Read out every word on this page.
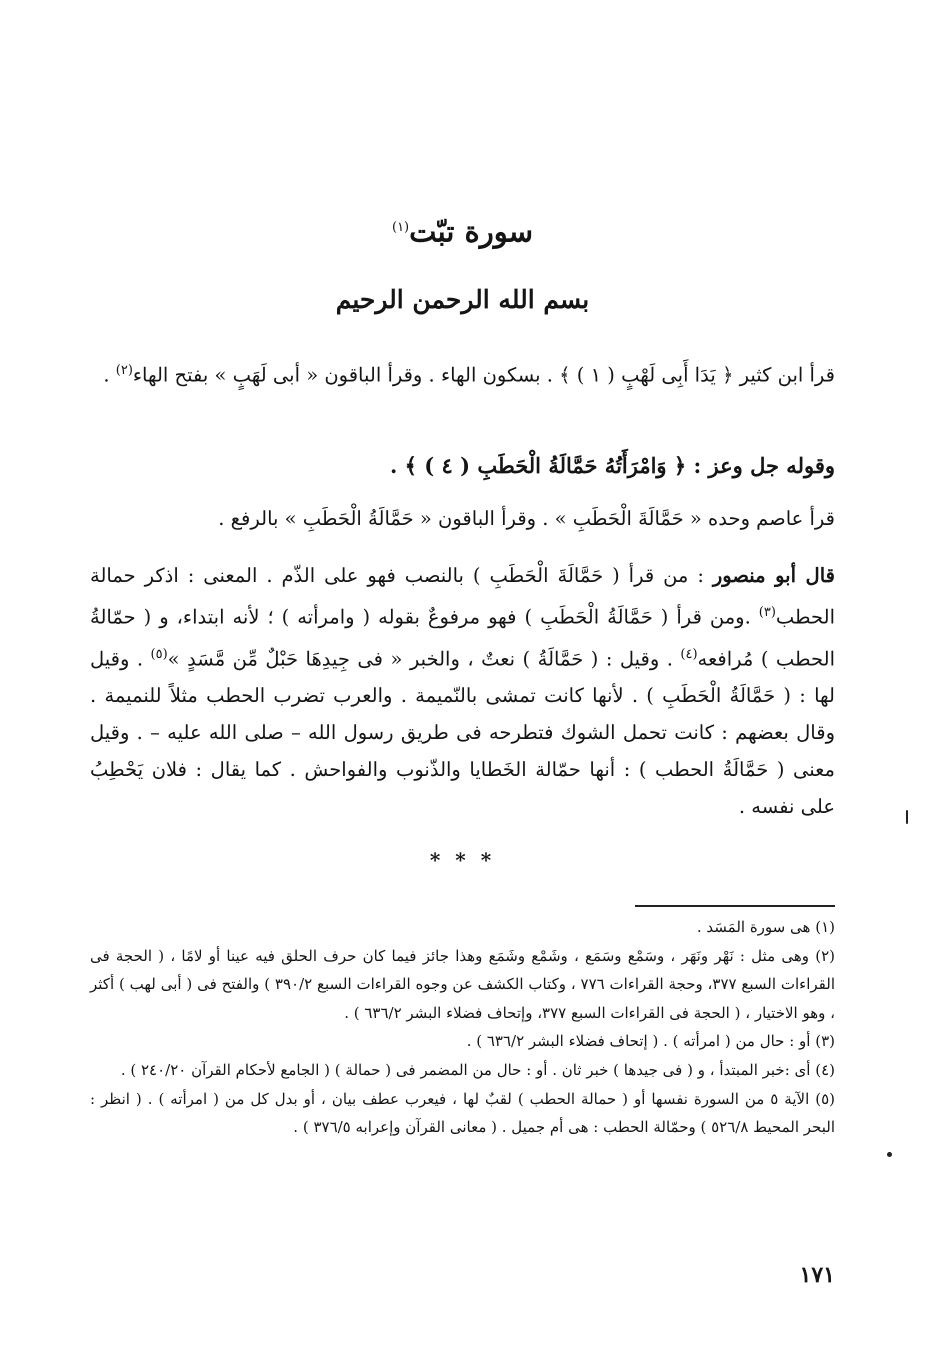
سورة تبّت$^{(١)}$
بسم الله الرحمن الرحيم
قرأ ابن كثير ﴿ يَدَا أَبِى لَهْبٍ ( ١ ) ﴾ . بسكون الهاء . وقرأ الباقون « أبى لَهَبٍ » بفتح الهاء$^{(٢)}$ .
وقوله جل وعز : ﴿ وَامْرَأَتُهُ حَمَّالَةُ الْحَطَبِ ( ٤ ) ﴾ .
قرأ عاصم وحده « حَمَّالَةَ الْحَطَبِ » . وقرأ الباقون « حَمَّالَةُ الْحَطَبِ » بالرفع .
قال أبو منصور : من قرأ ( حَمَّالَةَ الْحَطَبِ ) بالنصب فهو على الذّم . المعنى : اذكر حمالة الحطب$^{(٣)}$ .ومن قرأ ( حَمَّالَةُ الْحَطَبِ ) فهو مرفوعٌ بقوله ( وامرأته ) ؛ لأنه ابتداء، و ( حمّالةُ الحطب ) مُرافعه$^{(٤)}$ . وقيل : ( حَمَّالَةُ ) نعتٌ ، والخبر « فى جِيدِهَا حَبْلٌ مِّن مَّسَدٍ »$^{(٥)}$ . وقيل لها : ( حَمَّالَةُ الْحَطَبِ ) . لأنها كانت تمشى بالنّميمة . والعرب تضرب الحطب مثلاً للنميمة . وقال بعضهم : كانت تحمل الشوك فتطرحه فى طريق رسول الله – صلى الله عليه – . وقيل معنى ( حَمَّالَةُ الحطب ) : أنها حمّالة الخَطايا والذّنوب والفواحش . كما يقال : فلان يَحْطِبُ على نفسه .
* * *

(١) هى سورة المَسَد .

(٢) وهى مثل : نَهْر ونَهَر ، وسَمْع وسَمَع ، وشَمْع وشَمَع وهذا جائز فيما كان حرف الحلق فيه عينا أو لامًا ، ( الحجة فى القراءات السبع ٣٧٧، وحجة القراءات ٧٧٦ ، وكتاب الكشف عن وجوه القراءات السبع ٣٩٠/٢ ) والفتح فى ( أبى لهب ) أكثر ، وهو الاختيار ، ( الحجة فى القراءات السبع ٣٧٧، وإتحاف فضلاء البشر ٦٣٦/٢ ) .

(٣) أو : حال من ( امرأته ) . ( إتحاف فضلاء البشر ٦٣٦/٢ ) .

(٤) أى :خبر المبتدأ ، و ( فى جيدها ) خبر ثان . أو : حال من المضمر فى ( حمالة ) ( الجامع لأحكام القرآن ٢٤٠/٢٠ ) .

(٥) الآية ٥ من السورة نفسها أو ( حمالة الحطب ) لقبٌ لها ، فيعرب عطف بيان ، أو بدل كل من ( امرأته ) . ( انظر : البحر المحيط ٥٢٦/٨ ) وحمّالة الحطب : هى أم جميل . ( معانى القرآن وإعرابه ٣٧٦/٥ ) .

١٧١
